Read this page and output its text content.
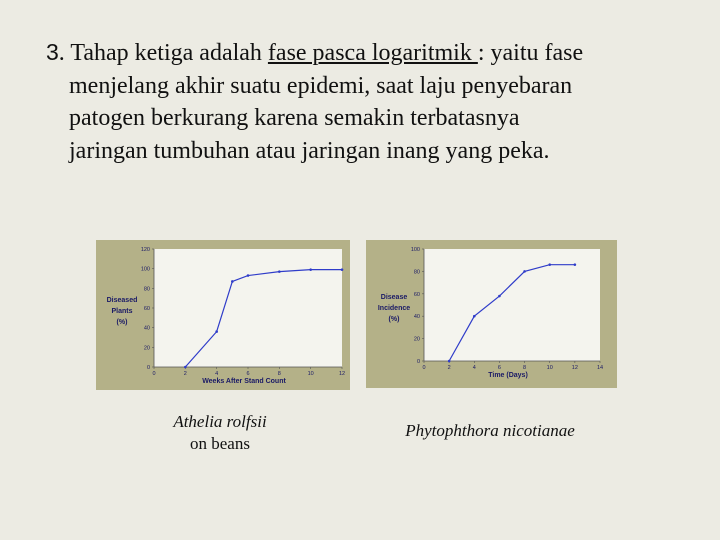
3. Tahap ketiga adalah fase pasca logaritmik : yaitu fase
menjelang akhir suatu epidemi, saat laju penyebaran
patogen berkurang karena semakin terbatasnya
jaringan tumbuhan atau jaringan inang yang peka.
0
20
40
60
80
100
120
0	2	4	6	8	10	12
Weeks After Stand Count
Diseased
Plants
(%)
0
20
40
60
80
100
0	2	4	6	8	10	12	14
Time (Days)
Disease
Incidence
(%)
Athelia rolfsii
on beans
Phytophthora nicotianae
